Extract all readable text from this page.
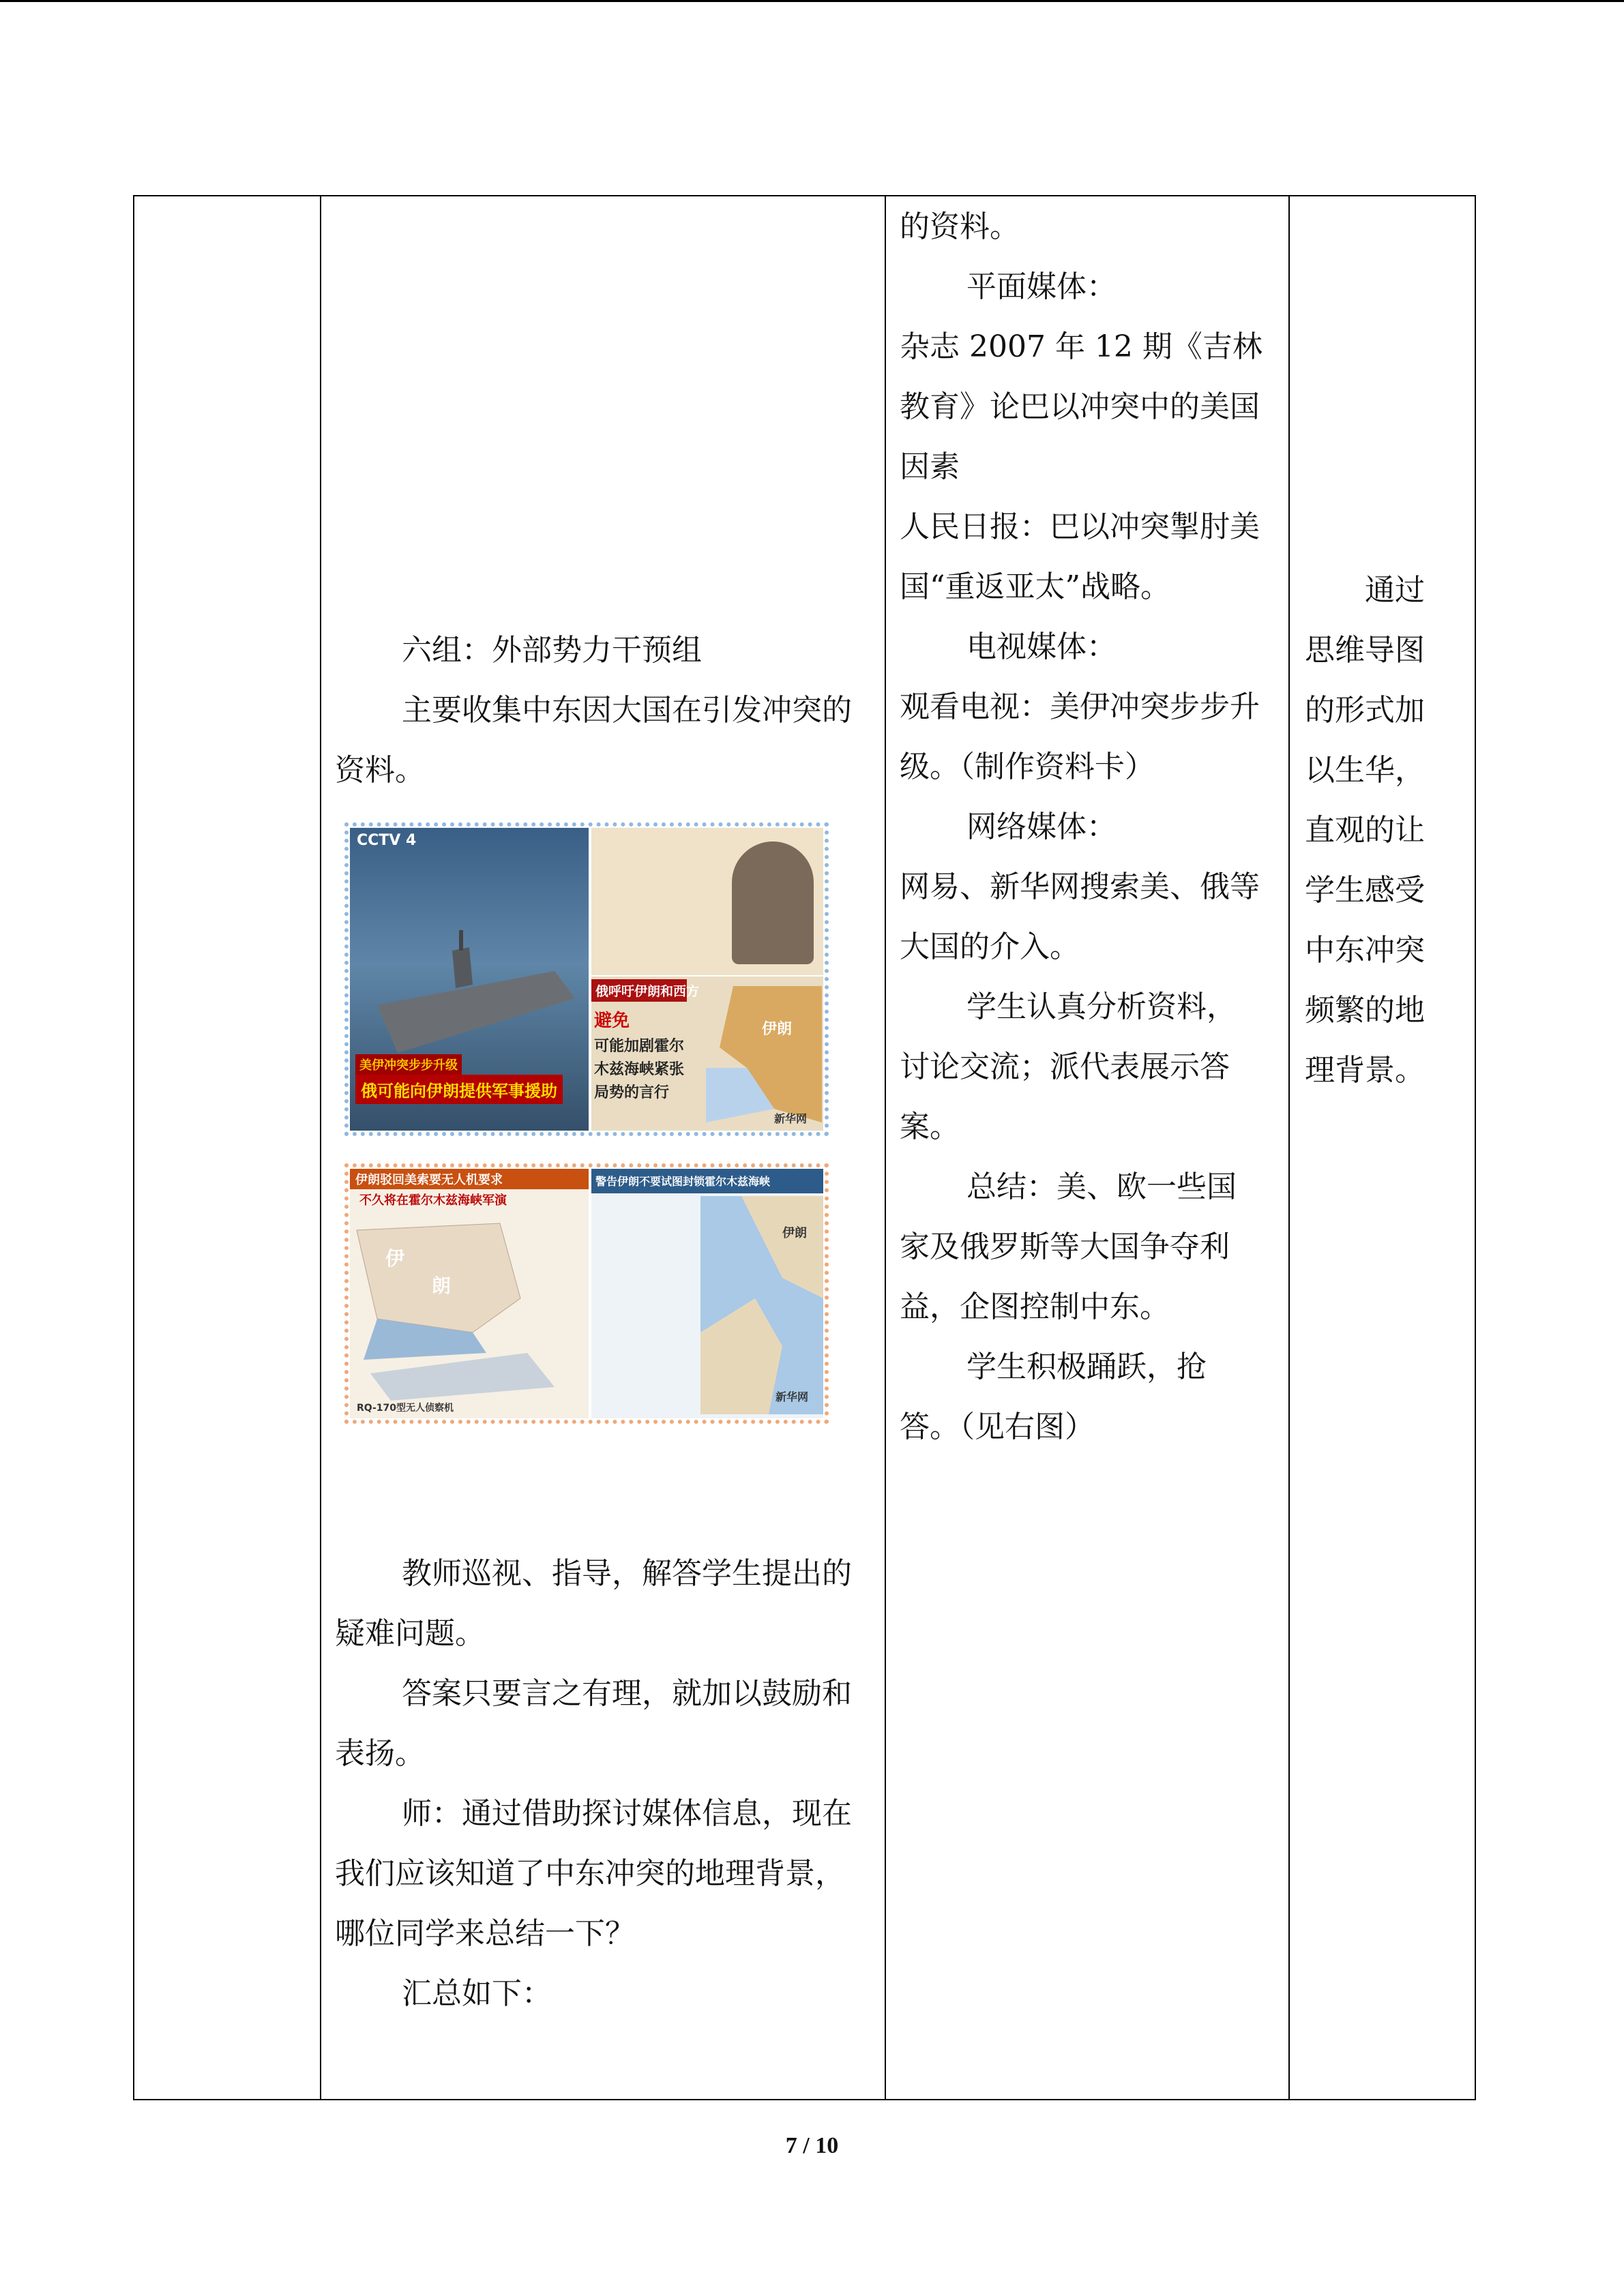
六组：外部势力干预组

主要收集中东因大国在引发冲突的资料。

CCTV 4
美伊冲突步步升级
俄可能向伊朗提供军事援助
俄呼吁伊朗和西方
避免
可能加剧霍尔木兹海峡紧张局势的言行
伊朗
新华网
伊朗驳回美索要无人机要求
不久将在霍尔木兹海峡军演
伊
朗
RQ-170型无人侦察机
警告伊朗不要试图封锁霍尔木兹海峡
伊朗
新华网

教师巡视、指导，解答学生提出的疑难问题。

答案只要言之有理，就加以鼓励和表扬。

师：通过借助探讨媒体信息，现在我们应该知道了中东冲突的地理背景，哪位同学来总结一下？

汇总如下：

的资料。

平面媒体：

杂志 2007 年 12 期《吉林教育》论巴以冲突中的美国因素

人民日报：巴以冲突掣肘美国“重返亚太”战略。

电视媒体：

观看电视：美伊冲突步步升级。（制作资料卡）

网络媒体：

网易、新华网搜索美、俄等大国的介入。

学生认真分析资料，讨论交流；派代表展示答案。

总结：美、欧一些国家及俄罗斯等大国争夺利益，企图控制中东。

学生积极踊跃，抢答。（见右图）

通过思维导图的形式加以生华，直观的让学生感受中东冲突频繁的地理背景。

7 / 10
